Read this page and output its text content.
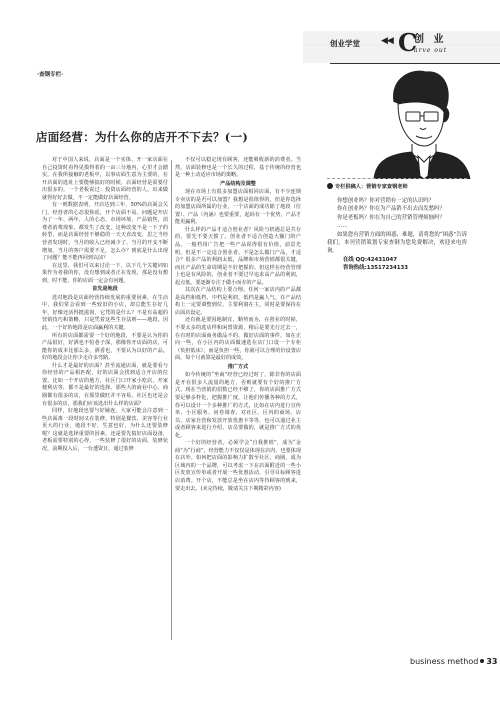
创业学堂 ◀◀ C
创 业
arve out
·查钢专栏·
店面经营：为什么你的店开不下去？(一)

对于中国人来说，店面是一个实体，开一家店面在自己投资时看得见摸得着的一亩三分地内，心里才会踏实。在我所接触的老板中，以事店面生意为主要的，在开店面的选址上要能够搞好的时候，店面经营是需要付出很多的。一个老板说过：投资店面经营的人，出来做就得好好去做，不一定能做好店面经营。

有一则数据表明，开店达到三年，50%的店面会关门，经营者的心态很焦虑，开个店面不易。问题是开店为了一年、两年，人的心态，市场环境，产品销售，消费者消费现象，都发生了改变，这种改变不是一下子的转型，而是店面经营不够稳的一天天直改变，思之当经营者发现时，当月的收入已经减少了，当月的开支不断增加，当月的客户需要不足，怎么办？到底是什么出现了问题？能不能再回到以前？

在这里，我们可以来讨论一下，以下几个关键词如果作为者我的你，没有想到或者正在发现，那是没有想到，时不能，你的店面一定会有问题。

首先是地段

选对地段是店面经营持续发展的重要因素，在生活中，我们常会看到一些较旧的小店，却总能生存好几年，好像还活得挺滋润，它凭的是什么？不是有高超的营销技巧和策略，只是凭着这些生存法则——地段。因此，一个好的地段是店面赢利的关键。

所有的店面都需要一个好的地段，不要是认为你的产品很好，好酒也不怕巷子深，那像你开店面的店，可能你的成本比那么多，酒香也，不要认为以好的产品，好的地段会让你少走许多弯路。

什么才是最好的店面？甚至流通店面，就是要看与你经营的产品相匹配，好的店面会找到适合开店的位置。比如一个开店的地方，社区门口开家小吃店，开家便利店等，都不是最好的选择。那些大的商业中心、商圈都有很多的店，在那里做旺并不容易，社区也还是会有很多的店，那我们应该选出什么样的店面？

同样，好地段也要与好铺连，大家可能会注意到一些店面离一段时间又在装修，特别是餐饮、美容等行业更大的行业，地段不好，生意也好，为什么还要装修呢？这就是选择重要的因素。还是要先搞好店面设备，老板需要特别的心得，一些装修了很好的店面，装修状况，前期投入后，一台透资且，通过装修

不仅可以稳定现有顾客，还能吸收新的消费者。当然，店面装修也是一个长久的过程，基于传统的经营也是一种土动适应市场的策略。

产品结构及调整

现在市场上有很多加盟店面相同店面，有不少连锁专卖店的是否可以加盟？我想是很值得的，但是你选择的加盟店面所属的行业，一个店面的成功除了地段（位置）、产品（内涵）也要重要，起码有一个优势，产品才能更赢利。

什么样的产品才适合创业者？风险与机遇总是共存的，要先不要天惯了。创业者不适合创造大额门的产品。一般档用广告把一些产品说得很有价值，前景光明，但是不一定适合创业者。不是怎么做门产品，才适合？很多产品的利润太低，品牌和市场营销都很关键，而且产品的生命周期是不好把握的。但这样在经营管理上也是有风险的，创业者不要过早追求高产品的利润，起点低，要逐渐专注于做小而专的产品。

其次在产品结构上要合理。任何一家店内的产品都是高档和低档、中档是利润，低档是赢人气。在产品结构上一定要调整到位，主要利润在主，同时是要保持在店面店设定。

还有就是要因地制宜，顺势而为，在创业的时候，不要太多的选店样和闲置资源，稍后是要先行过去一，在有时的店面商务做品不的，做好店面的事件，如在正向一些，在小区内的店面做速选在店门口设一个专柜（负担低床），而是负担一些，你就可以合理的价设置店面，每个月就算是最好的成效。

推广方式

如今传统的“坐商”经营已经过时了，除非你的店面是开在很多人流量的地方，否则就要有个好的推广方式。现在当营销的招数已经不够了，你的店面推广方式要足够多样化，把握推广度，让他们传播各种的方式，你可以设计一个多种推广的方式，比如在店内进行宣传单、小区服务、问卷调查、对社区、区内的商场、店员、店家自营和发放开放优惠卡等等，也可以通过业主或者顾客来进行介绍，店员要做的，就是推广方式的优化。

一个好的经营者，必须学会“自我推销”，成为“金商”为“行商”，经营能力不仅仅是体现在店内，也要体现在店外。如何把店面的影响力扩散至社区、商圈，成为区域内的一个品牌，可以考虑一下在店面附近的一些小区发放宣传单或者开展一些优惠活动，引导目标顾客进店消费。开个店，不能总是坐在店内等待顾客的到来，要走出去。(未完待续，敬请关注下期精彩内容)

专栏供稿人：营销专家查钢老师

你想创业吗？你对营销有一定的认识吗？

你在创业吗？你在为产品销不出去而发愁吗？

你是老板吗？你在为自己的营销管理烦恼吗？

……

如果您有营销方面的困惑、难题，请将您的“困惑”告诉我们，本刊营销策划专家查钢为您免费解决，欢迎来电咨询。

在线 QQ:42431047

咨询热线:13517234133

business method 33
